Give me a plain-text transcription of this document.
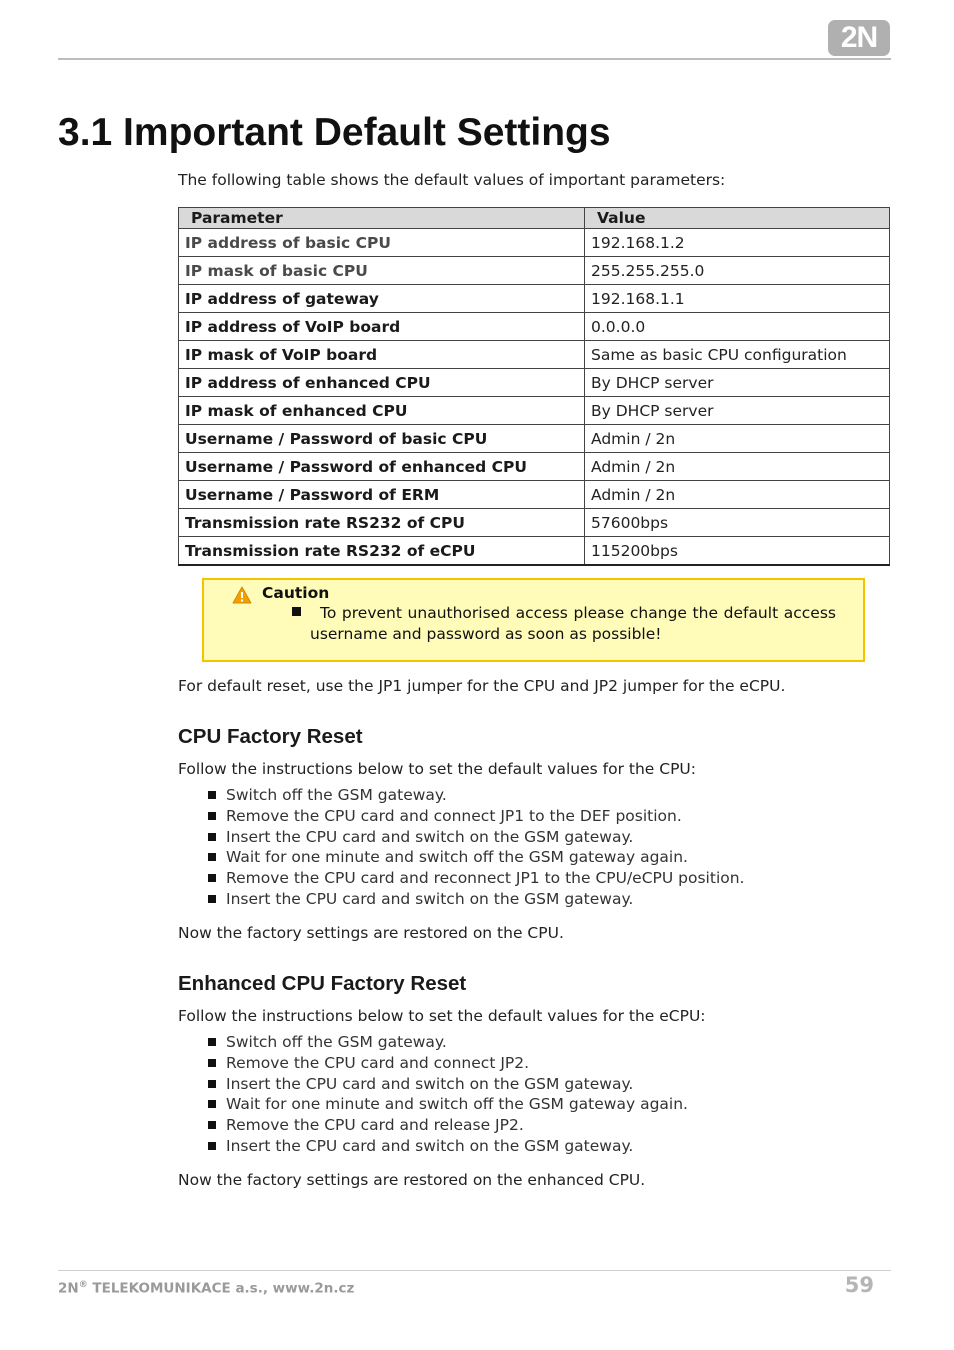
2N
3.1 Important Default Settings

The following table shows the default values of important parameters:

Parameter	Value
IP address of basic CPU	192.168.1.2
IP mask of basic CPU	255.255.255.0
IP address of gateway	192.168.1.1
IP address of VoIP board	0.0.0.0
IP mask of VoIP board	Same as basic CPU configuration
IP address of enhanced CPU	By DHCP server
IP mask of enhanced CPU	By DHCP server
Username / Password of basic CPU	Admin / 2n
Username / Password of enhanced CPU	Admin / 2n
Username / Password of ERM	Admin / 2n
Transmission rate RS232 of CPU	57600bps
Transmission rate RS232 of eCPU	115200bps
Caution
To prevent unauthorised access please change the default access username and password as soon as possible!

For default reset, use the JP1 jumper for the CPU and JP2 jumper for the eCPU.

CPU Factory Reset

Follow the instructions below to set the default values for the CPU:

Switch off the GSM gateway.
Remove the CPU card and connect JP1 to the DEF position.
Insert the CPU card and switch on the GSM gateway.
Wait for one minute and switch off the GSM gateway again.
Remove the CPU card and reconnect JP1 to the CPU/eCPU position.
Insert the CPU card and switch on the GSM gateway.

Now the factory settings are restored on the CPU.

Enhanced CPU Factory Reset

Follow the instructions below to set the default values for the eCPU:

Switch off the GSM gateway.
Remove the CPU card and connect JP2.
Insert the CPU card and switch on the GSM gateway.
Wait for one minute and switch off the GSM gateway again.
Remove the CPU card and release JP2.
Insert the CPU card and switch on the GSM gateway.

Now the factory settings are restored on the enhanced CPU.

2N® TELEKOMUNIKACE a.s., www.2n.cz	59
